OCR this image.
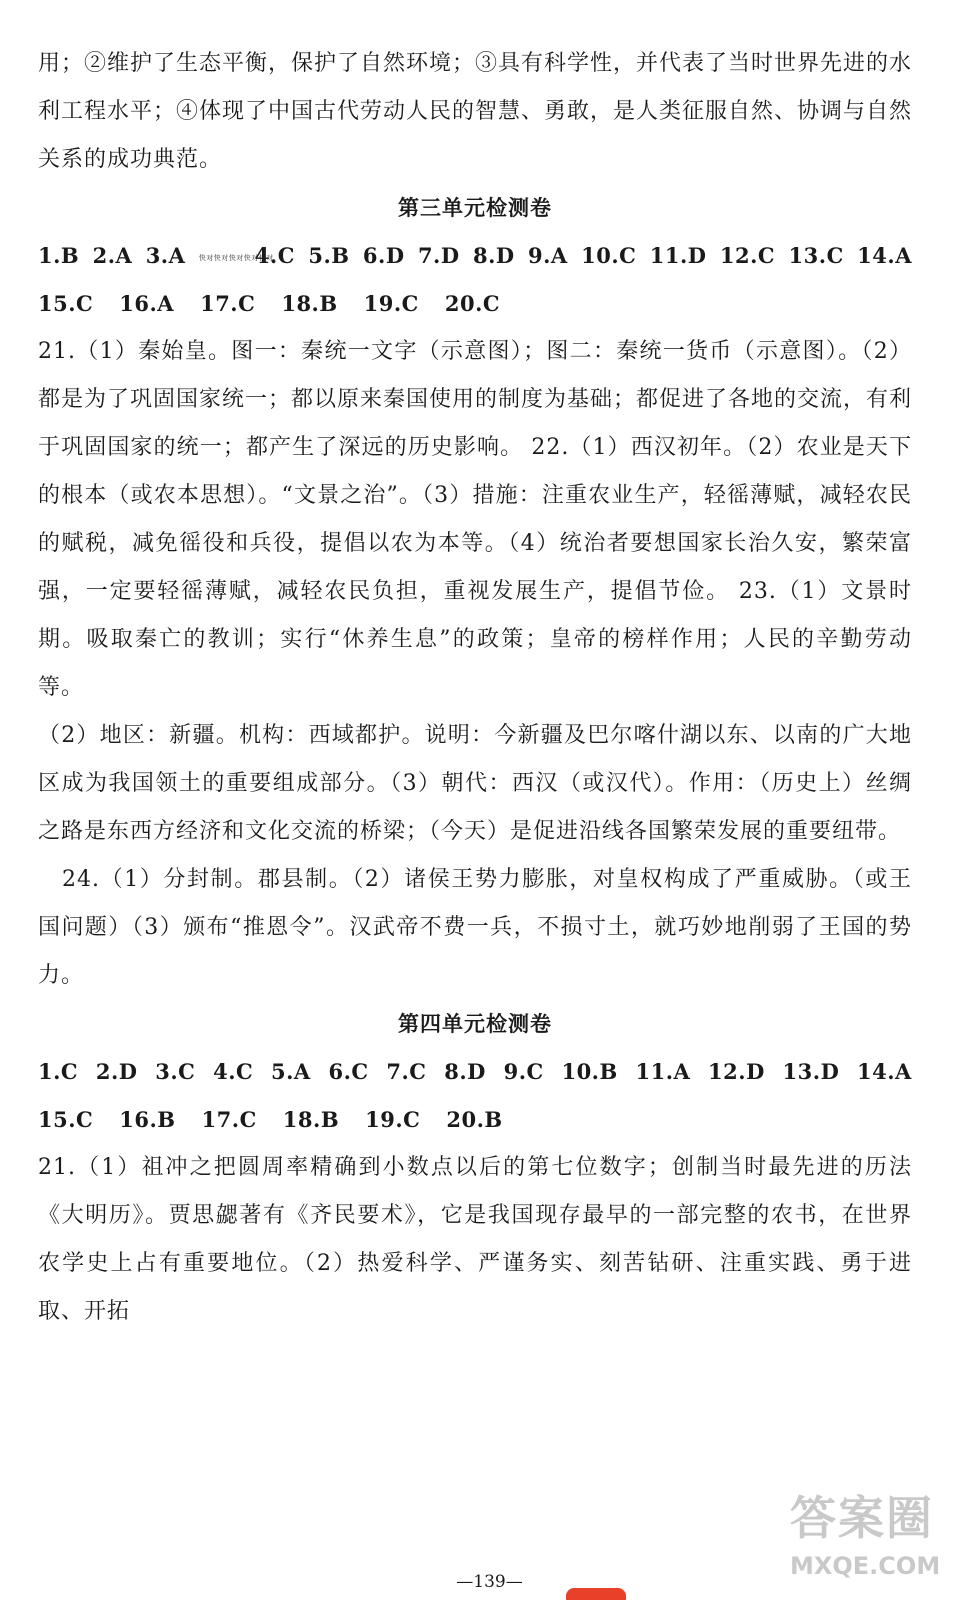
用；②维护了生态平衡，保护了自然环境；③具有科学性，并代表了当时世界先进的水利工程水平；④体现了中国古代劳动人民的智慧、勇敢，是人类征服自然、协调与自然关系的成功典范。

第三单元检测卷
1.B 2.A 3.A 快对快对快对快对快对4.C 5.B 6.D 7.D 8.D 9.A 10.C 11.D 12.C 13.C 14.A
15.C 16.A 17.C 18.B 19.C 20.C

21.（1）秦始皇。图一：秦统一文字（示意图）；图二：秦统一货币（示意图）。（2）都是为了巩固国家统一；都以原来秦国使用的制度为基础；都促进了各地的交流，有利于巩固国家的统一；都产生了深远的历史影响。 22.（1）西汉初年。（2）农业是天下的根本（或农本思想）。“文景之治”。（3）措施：注重农业生产，轻徭薄赋，减轻农民的赋税，减免徭役和兵役，提倡以农为本等。（4）统治者要想国家长治久安，繁荣富强，一定要轻徭薄赋，减轻农民负担，重视发展生产，提倡节俭。 23.（1）文景时期。吸取秦亡的教训；实行“休养生息”的政策；皇帝的榜样作用；人民的辛勤劳动等。

（2）地区：新疆。机构：西域都护。说明：今新疆及巴尔喀什湖以东、以南的广大地区成为我国领土的重要组成部分。（3）朝代：西汉（或汉代）。作用：（历史上）丝绸之路是东西方经济和文化交流的桥梁；（今天）是促进沿线各国繁荣发展的重要纽带。

24.（1）分封制。郡县制。（2）诸侯王势力膨胀，对皇权构成了严重威胁。（或王国问题）（3）颁布“推恩令”。汉武帝不费一兵，不损寸土，就巧妙地削弱了王国的势力。

第四单元检测卷
1.C 2.D 3.C 4.C 5.A 6.C 7.C 8.D 9.C 10.B 11.A 12.D 13.D 14.A
15.C 16.B 17.C 18.B 19.C 20.B

21.（1）祖冲之把圆周率精确到小数点以后的第七位数字；创制当时最先进的历法《大明历》。贾思勰著有《齐民要术》，它是我国现存最早的一部完整的农书，在世界农学史上占有重要地位。（2）热爱科学、严谨务实、刻苦钻研、注重实践、勇于进取、开拓

答案圈
MXQE.COM
—139—
